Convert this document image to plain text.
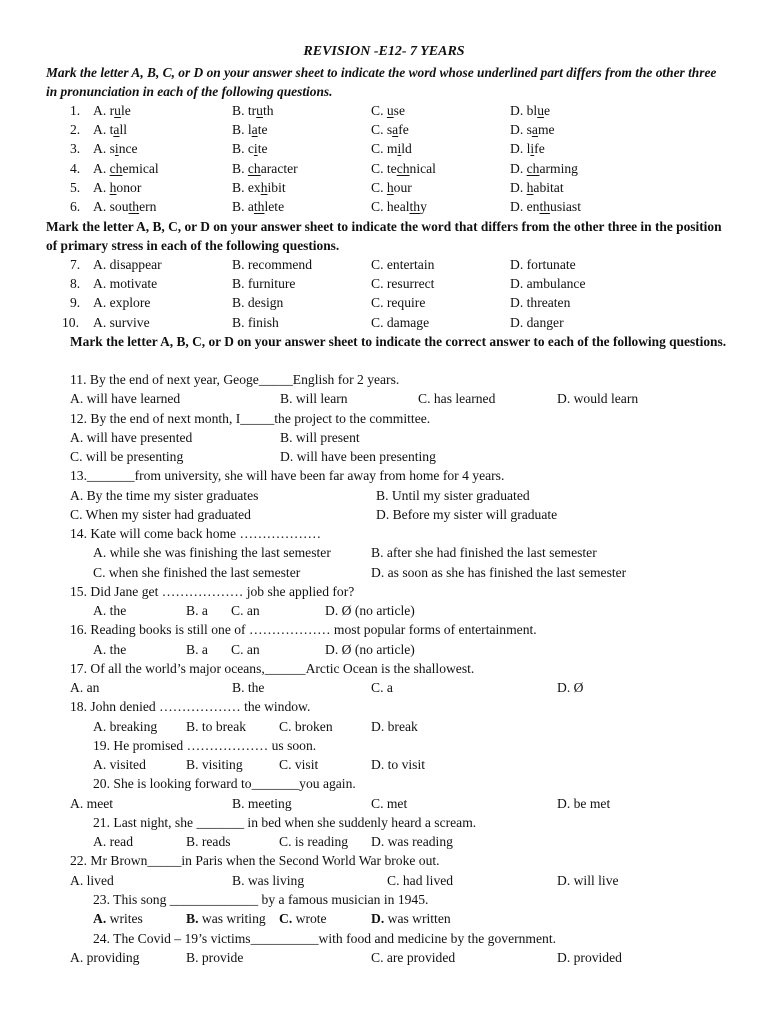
REVISION -E12- 7 YEARS
Mark the letter A, B, C, or D on your answer sheet to indicate the word whose underlined part differs from the other three in pronunciation in each of the following questions.
1. A. rule	B. truth	C. use	D. blue
2. A. tall	B. late	C. safe	D. same
3. A. since	B. cite	C. mild	D. life
4. A. chemical	B. character	C. technical	D. charming
5. A. honor	B. exhibit	C. hour	D. habitat
6. A. southern	B. athlete	C. healthy	D. enthusiast
Mark the letter A, B, C, or D on your answer sheet to indicate the word that differs from the other three in the position of primary stress in each of the following questions.
7. A. disappear	B. recommend	C. entertain	D. fortunate
8. A. motivate	B. furniture	C. resurrect	D. ambulance
9. A. explore	B. design	C. require	D. threaten
10. A. survive	B. finish	C. damage	D. danger
Mark the letter A, B, C, or D on your answer sheet to indicate the correct answer to each of the following questions.
11. By the end of next year, Geoge_____English for 2 years.
A. will have learned	B. will learn	C. has learned	D. would learn
12. By the end of next month, I_____the project to the committee.
A. will have presented	B. will present
C. will be presenting	D. will have been presenting
13._______from university, she will have been far away from home for 4 years.
A. By the time my sister graduates	B. Until my sister graduated
C. When my sister had graduated	D. Before my sister will graduate
14. Kate will come back home ………………
A. while she was finishing the last semester	B. after she had finished the last semester
C. when she finished the last semester	D. as soon as she has finished the last semester
15. Did Jane get ……………… job she applied for?
A. the	B. a C. an	D. Ø (no article)
16. Reading books is still one of ……………… most popular forms of entertainment.
A. the	B. a C. an	D. Ø (no article)
17. Of all the world’s major oceans,______Arctic Ocean is the shallowest.
A. an	B. the	C. a	D. Ø
18. John denied ……………… the window.
A. breaking B. to break C. broken	D. break
19. He promised ……………… us soon.
A. visited	B. visiting	C. visit	D. to visit
20. She is looking forward to_______you again.
A. meet	B. meeting	C. met	D. be met
21. Last night, she _______ in bed when she suddenly heard a scream.
A. read	B. reads	C. is reading D. was reading
22. Mr Brown_____in Paris when the Second World War broke out.
A. lived	B. was living	C. had lived	D. will live
23. This song _____________ by a famous musician in 1945.
A. writes	B. was writing C. wrote	D. was written
24. The Covid – 19’s victims__________with food and medicine by the government.
A. providing	B. provide	C. are provided	D. provided
